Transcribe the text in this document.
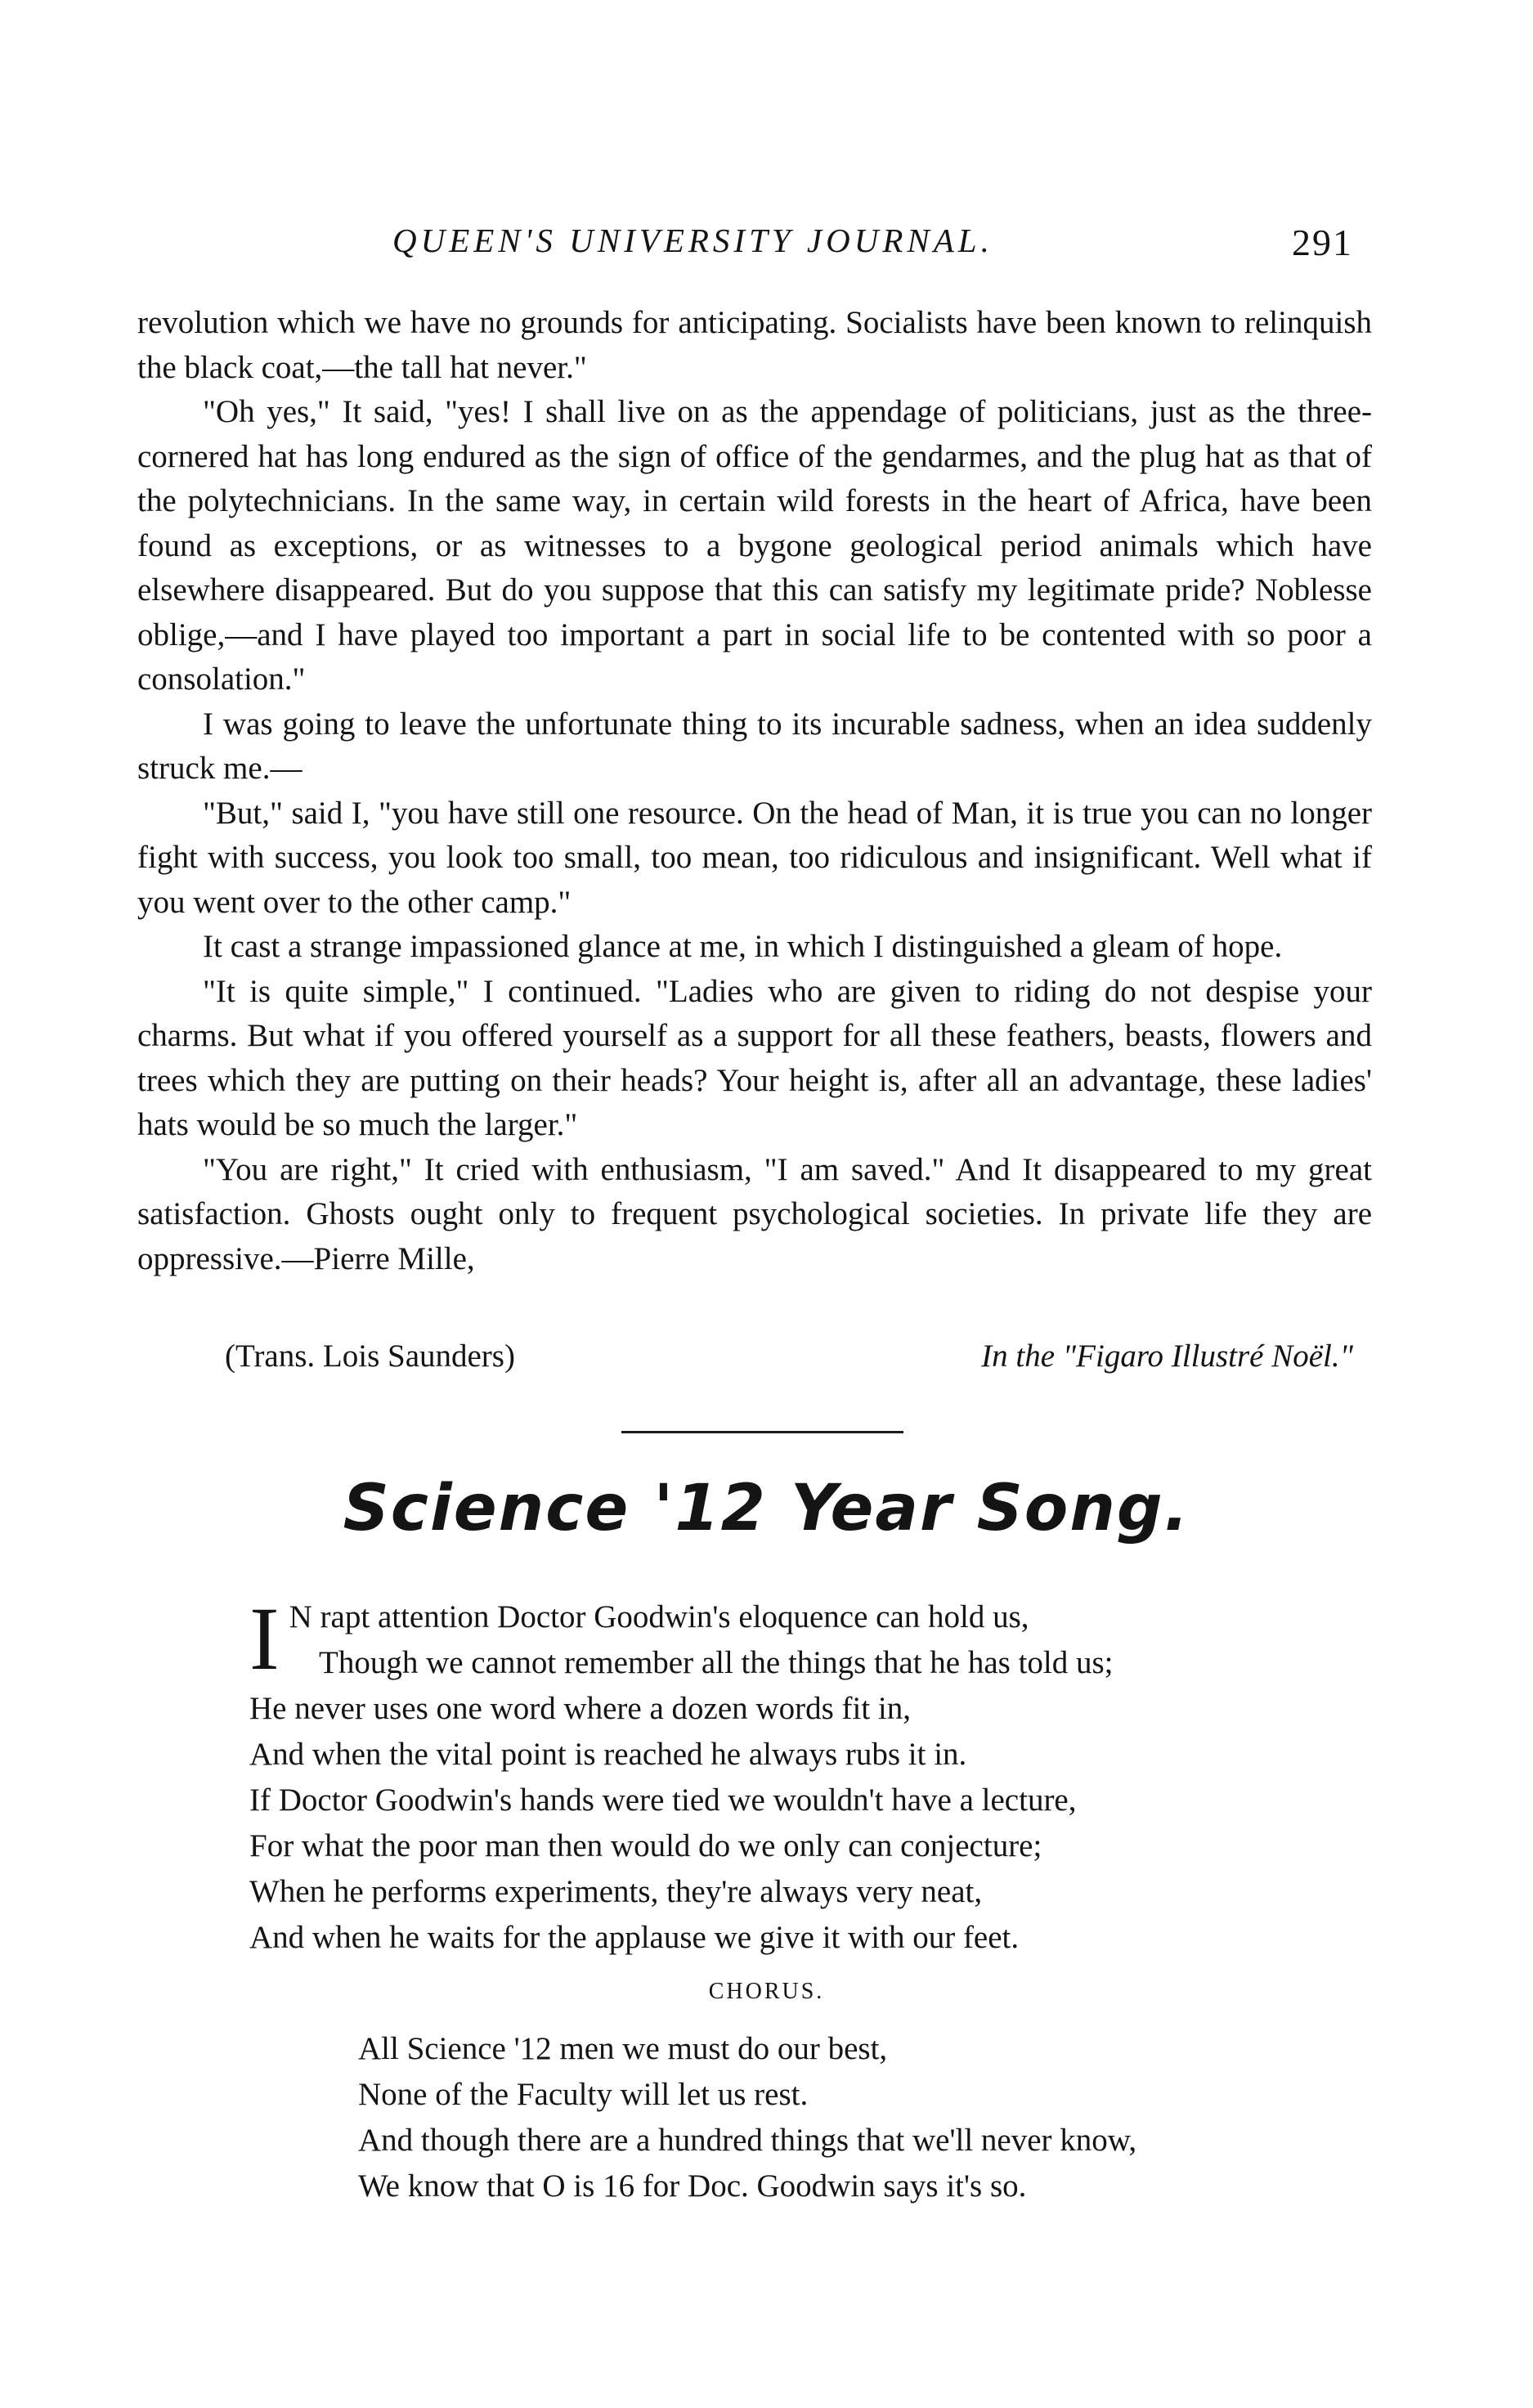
QUEEN'S UNIVERSITY JOURNAL.	291

revolution which we have no grounds for anticipating. Socialists have been known to relinquish the black coat,—the tall hat never."

"Oh yes," It said, "yes! I shall live on as the appendage of politicians, just as the three-cornered hat has long endured as the sign of office of the gendarmes, and the plug hat as that of the polytechnicians. In the same way, in certain wild forests in the heart of Africa, have been found as exceptions, or as witnesses to a bygone geological period animals which have elsewhere disappeared. But do you suppose that this can satisfy my legitimate pride? Noblesse oblige,—and I have played too important a part in social life to be contented with so poor a consolation."

I was going to leave the unfortunate thing to its incurable sadness, when an idea suddenly struck me.—

"But," said I, "you have still one resource. On the head of Man, it is true you can no longer fight with success, you look too small, too mean, too ridiculous and insignificant. Well what if you went over to the other camp."

It cast a strange impassioned glance at me, in which I distinguished a gleam of hope.

"It is quite simple," I continued. "Ladies who are given to riding do not despise your charms. But what if you offered yourself as a support for all these feathers, beasts, flowers and trees which they are putting on their heads? Your height is, after all an advantage, these ladies' hats would be so much the larger."

"You are right," It cried with enthusiasm, "I am saved." And It disappeared to my great satisfaction. Ghosts ought only to frequent psychological societies. In private life they are oppressive.—Pierre Mille,

(Trans. Lois Saunders)	In the "Figaro Illustré Noël."
Science '12 Year Song.
I N rapt attention Doctor Goodwin's eloquence can hold us,
Though we cannot remember all the things that he has told us;
He never uses one word where a dozen words fit in,
And when the vital point is reached he always rubs it in.
If Doctor Goodwin's hands were tied we wouldn't have a lecture,
For what the poor man then would do we only can conjecture;
When he performs experiments, they're always very neat,
And when he waits for the applause we give it with our feet.
CHORUS.
All Science '12 men we must do our best,
None of the Faculty will let us rest.
And though there are a hundred things that we'll never know,
We know that O is 16 for Doc. Goodwin says it's so.
